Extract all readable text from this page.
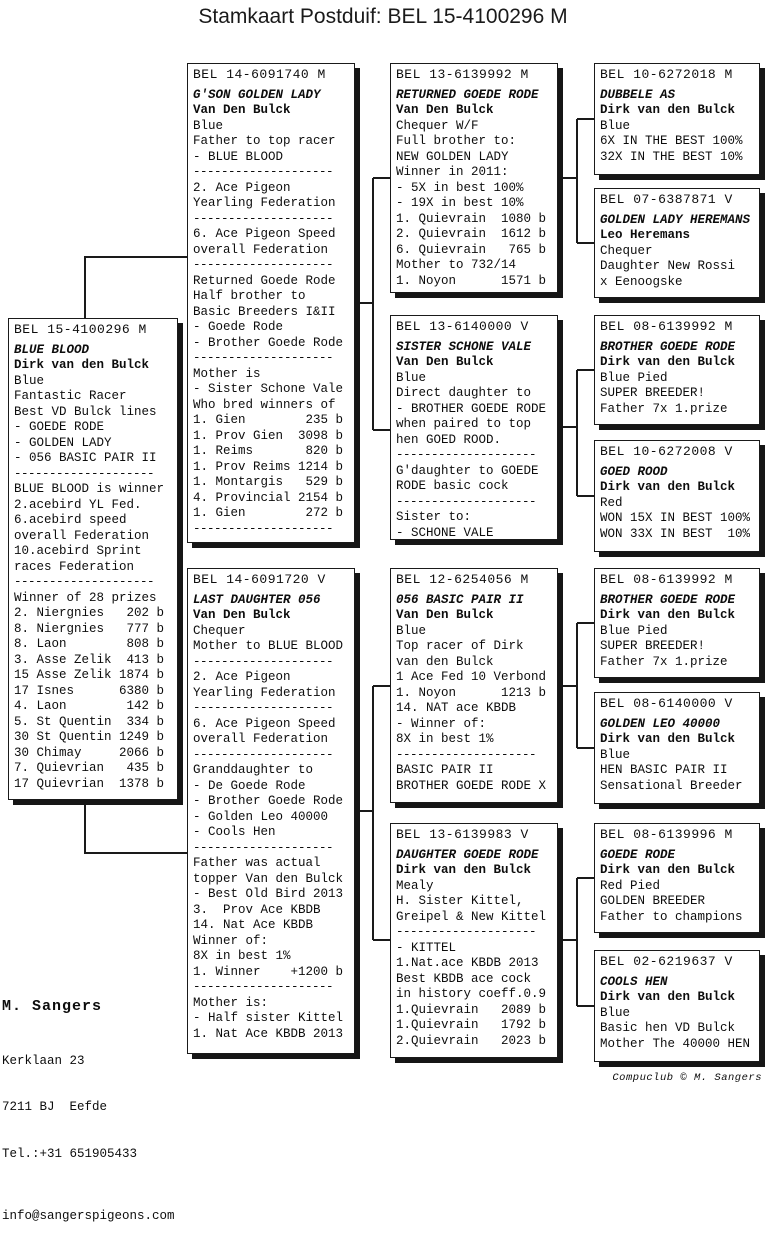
Stamkaart Postduif: BEL 15-4100296 M
BEL 15-4100296 M
BLUE BLOOD
Dirk van den Bulck
Blue
Fantastic Racer
Best VD Bulck lines
- GOEDE RODE
- GOLDEN LADY
- 056 BASIC PAIR II
--------------------
BLUE BLOOD is winner
2.acebird YL Fed.
6.acebird speed
overall Federation
10.acebird Sprint
races Federation
--------------------
Winner of 28 prizes
2. Niergnies   202 b
8. Niergnies   777 b
8. Laon        808 b
3. Asse Zelik  413 b
15 Asse Zelik 1874 b
17 Isnes      6380 b
4. Laon        142 b
5. St Quentin  334 b
30 St Quentin 1249 b
30 Chimay     2066 b
7. Quievrian   435 b
17 Quievrian  1378 b
BEL 14-6091740 M
G'SON GOLDEN LADY
Van Den Bulck
Blue
Father to top racer
- BLUE BLOOD
--------------------
2. Ace Pigeon
Yearling Federation
--------------------
6. Ace Pigeon Speed
overall Federation
--------------------
Returned Goede Rode
Half brother to
Basic Breeders I&II
- Goede Rode
- Brother Goede Rode
--------------------
Mother is
- Sister Schone Vale
Who bred winners of
1. Gien        235 b
1. Prov Gien  3098 b
1. Reims       820 b
1. Prov Reims 1214 b
1. Montargis   529 b
4. Provincial 2154 b
1. Gien        272 b
--------------------
BEL 14-6091720 V
LAST DAUGHTER 056
Van Den Bulck
Chequer
Mother to BLUE BLOOD
--------------------
2. Ace Pigeon
Yearling Federation
--------------------
6. Ace Pigeon Speed
overall Federation
--------------------
Granddaughter to
- De Goede Rode
- Brother Goede Rode
- Golden Leo 40000
- Cools Hen
--------------------
Father was actual
topper Van den Bulck
- Best Old Bird 2013
3.  Prov Ace KBDB
14. Nat Ace KBDB
Winner of:
8X in best 1%
1. Winner    +1200 b
--------------------
Mother is:
- Half sister Kittel
1. Nat Ace KBDB 2013
BEL 13-6139992 M
RETURNED GOEDE RODE
Van Den Bulck
Chequer W/F
Full brother to:
NEW GOLDEN LADY
Winner in 2011:
- 5X in best 100%
- 19X in best 10%
1. Quievrain  1080 b
2. Quievrain  1612 b
6. Quievrain   765 b
Mother to 732/14
1. Noyon      1571 b
BEL 13-6140000 V
SISTER SCHONE VALE
Van Den Bulck
Blue
Direct daughter to
- BROTHER GOEDE RODE
when paired to top
hen GOED ROOD.
--------------------
G'daughter to GOEDE
RODE basic cock
--------------------
Sister to:
- SCHONE VALE
BEL 12-6254056 M
056 BASIC PAIR II
Van Den Bulck
Blue
Top racer of Dirk
van den Bulck
1 Ace Fed 10 Verbond
1. Noyon      1213 b
14. NAT ace KBDB
- Winner of:
8X in best 1%
--------------------
BASIC PAIR II
BROTHER GOEDE RODE X
BEL 13-6139983 V
DAUGHTER GOEDE RODE
Dirk van den Bulck
Mealy
H. Sister Kittel,
Greipel & New Kittel
--------------------
- KITTEL
1.Nat.ace KBDB 2013
Best KBDB ace cock
in history coeff.0.9
1.Quievrain   2089 b
1.Quievrain   1792 b
2.Quievrain   2023 b
BEL 10-6272018 M
DUBBELE AS
Dirk van den Bulck
Blue
6X IN THE BEST 100%
32X IN THE BEST 10%
BEL 07-6387871 V
GOLDEN LADY HEREMANS
Leo Heremans
Chequer
Daughter New Rossi
x Eenoogske
BEL 08-6139992 M
BROTHER GOEDE RODE
Dirk van den Bulck
Blue Pied
SUPER BREEDER!
Father 7x 1.prize
BEL 10-6272008 V
GOED ROOD
Dirk van den Bulck
Red
WON 15X IN BEST 100%
WON 33X IN BEST  10%
BEL 08-6139992 M
BROTHER GOEDE RODE
Dirk van den Bulck
Blue Pied
SUPER BREEDER!
Father 7x 1.prize
BEL 08-6140000 V
GOLDEN LEO 40000
Dirk van den Bulck
Blue
HEN BASIC PAIR II
Sensational Breeder
BEL 08-6139996 M
GOEDE RODE
Dirk van den Bulck
Red Pied
GOLDEN BREEDER
Father to champions
BEL 02-6219637 V
COOLS HEN
Dirk van den Bulck
Blue
Basic hen VD Bulck
Mother The 40000 HEN

M. Sangers

Kerklaan 23

7211 BJ  Eefde

Tel.:+31 651905433

info@sangerspigeons.com

Compuclub © M. Sangers
